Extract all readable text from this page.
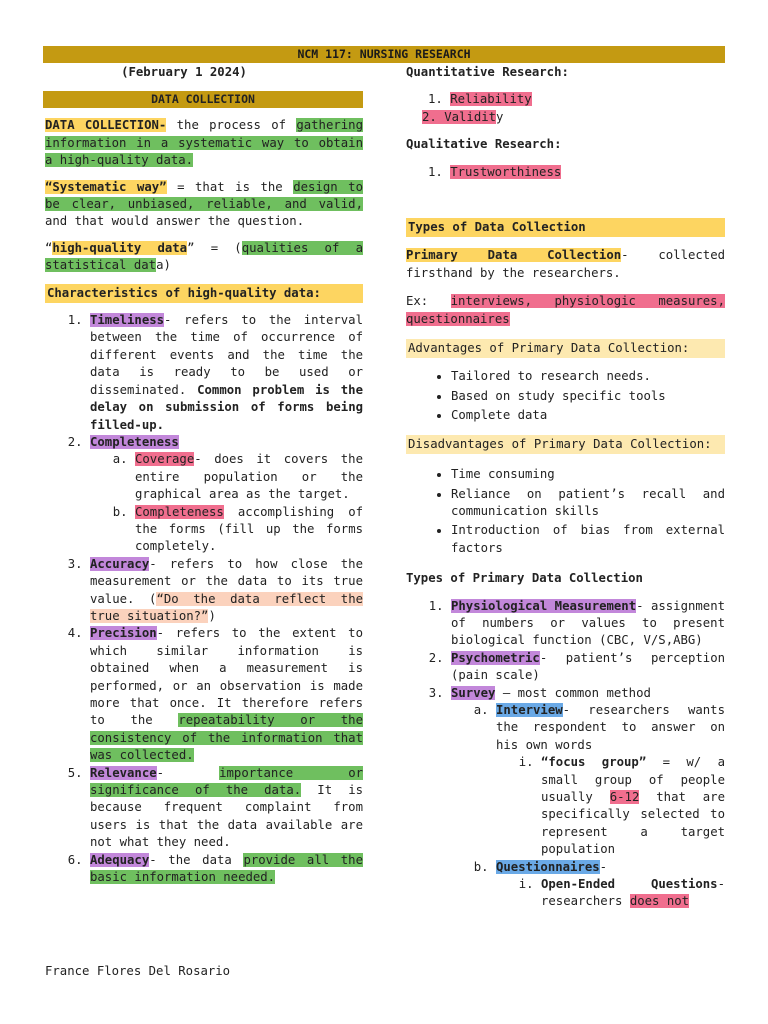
NCM 117: NURSING RESEARCH

(February 1 2024)

DATA COLLECTION

DATA COLLECTION- the process of gathering information in a systematic way to obtain a high-quality data.

“Systematic way” = that is the design to be clear, unbiased, reliable, and valid, and that would answer the question.

“high-quality data” = (qualities of a statistical data)

Characteristics of high-quality data:
1. Timeliness- refers to the interval between the time of occurrence of different events and the time the data is ready to be used or disseminated. Common problem is the delay on submission of forms being filled-up.
2. Completeness
a. Coverage- does it covers the entire population or the graphical area as the target.
b. Completeness accomplishing of the forms (fill up the forms completely.
3. Accuracy- refers to how close the measurement or the data to its true value. (“Do the data reflect the true situation?”)
4. Precision- refers to the extent to which similar information is obtained when a measurement is performed, or an observation is made more that once. It therefore refers to the repeatability or the consistency of the information that was collected.
5. Relevance- importance or significance of the data. It is because frequent complaint from users is that the data available are not what they need.
6. Adequacy- the data provide all the basic information needed.

Quantitative Research:

1. Reliability
2. Validity

Qualitative Research:

1. Trustworthiness
Types of Data Collection

Primary Data Collection- collected firsthand by the researchers.

Ex: interviews, physiologic measures, questionnaires

Advantages of Primary Data Collection:
• Tailored to research needs.
• Based on study specific tools
• Complete data
Disadvantages of Primary Data Collection:
• Time consuming
• Reliance on patient’s recall and communication skills
• Introduction of bias from external factors

Types of Primary Data Collection

1. Physiological Measurement- assignment of numbers or values to present biological function (CBC, V/S,ABG)
2. Psychometric- patient’s perception (pain scale)
3. Survey – most common method
a. Interview- researchers wants the respondent to answer on his own words
i. “focus group” = w/ a small group of people usually 6-12 that are specifically selected to represent a target population
b. Questionnaires-
i. Open-Ended Questions- researchers does not
France Flores Del Rosario
